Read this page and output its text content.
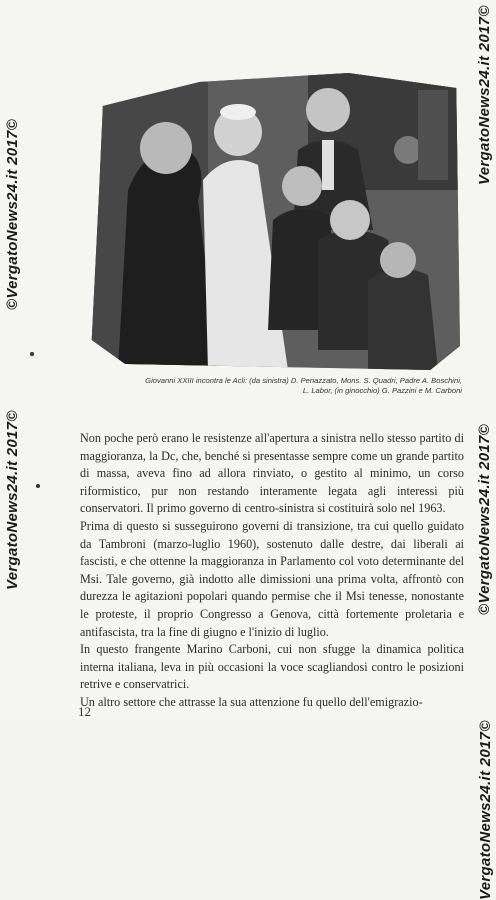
Giovanni XXIII incontra le Acli: (da sinistra) D. Penazzato, Mons. S. Quadri, Padre A. Boschini,
L. Labor, (in ginocchio) G. Pazzini e M. Carboni

Non poche però erano le resistenze all'apertura a sinistra nello stesso partito di maggioranza, la Dc, che, benché si presentasse sempre come un grande partito di massa, aveva fino ad allora rinviato, o gestito al minimo, un corso riformistico, pur non restando interamente legata agli interessi più conservatori. Il primo governo di centro-sinistra si costituirà solo nel 1963.

Prima di questo si susseguirono governi di transizione, tra cui quello guidato da Tambroni (marzo-luglio 1960), sostenuto dalle destre, dai liberali ai fascisti, e che ottenne la maggioranza in Parlamento col voto determinante del Msi. Tale governo, già indotto alle dimissioni una prima volta, affrontò con durezza le agitazioni popolari quando permise che il Msi tenesse, nonostante le proteste, il proprio Congresso a Genova, città fortemente proletaria e antifascista, tra la fine di giugno e l'inizio di luglio.

In questo frangente Marino Carboni, cui non sfugge la dinamica politica interna italiana, leva in più occasioni la voce scagliandosi contro le posizioni retrive e conservatrici.

Un altro settore che attrasse la sua attenzione fu quello dell'emigrazio-

12
©VergatoNews24.it 2017©
VergatoNews24.it 2017©
VergatoNews24.it 2017©
©VergatoNews24.it 2017©
VergatoNews24.it 2017©
